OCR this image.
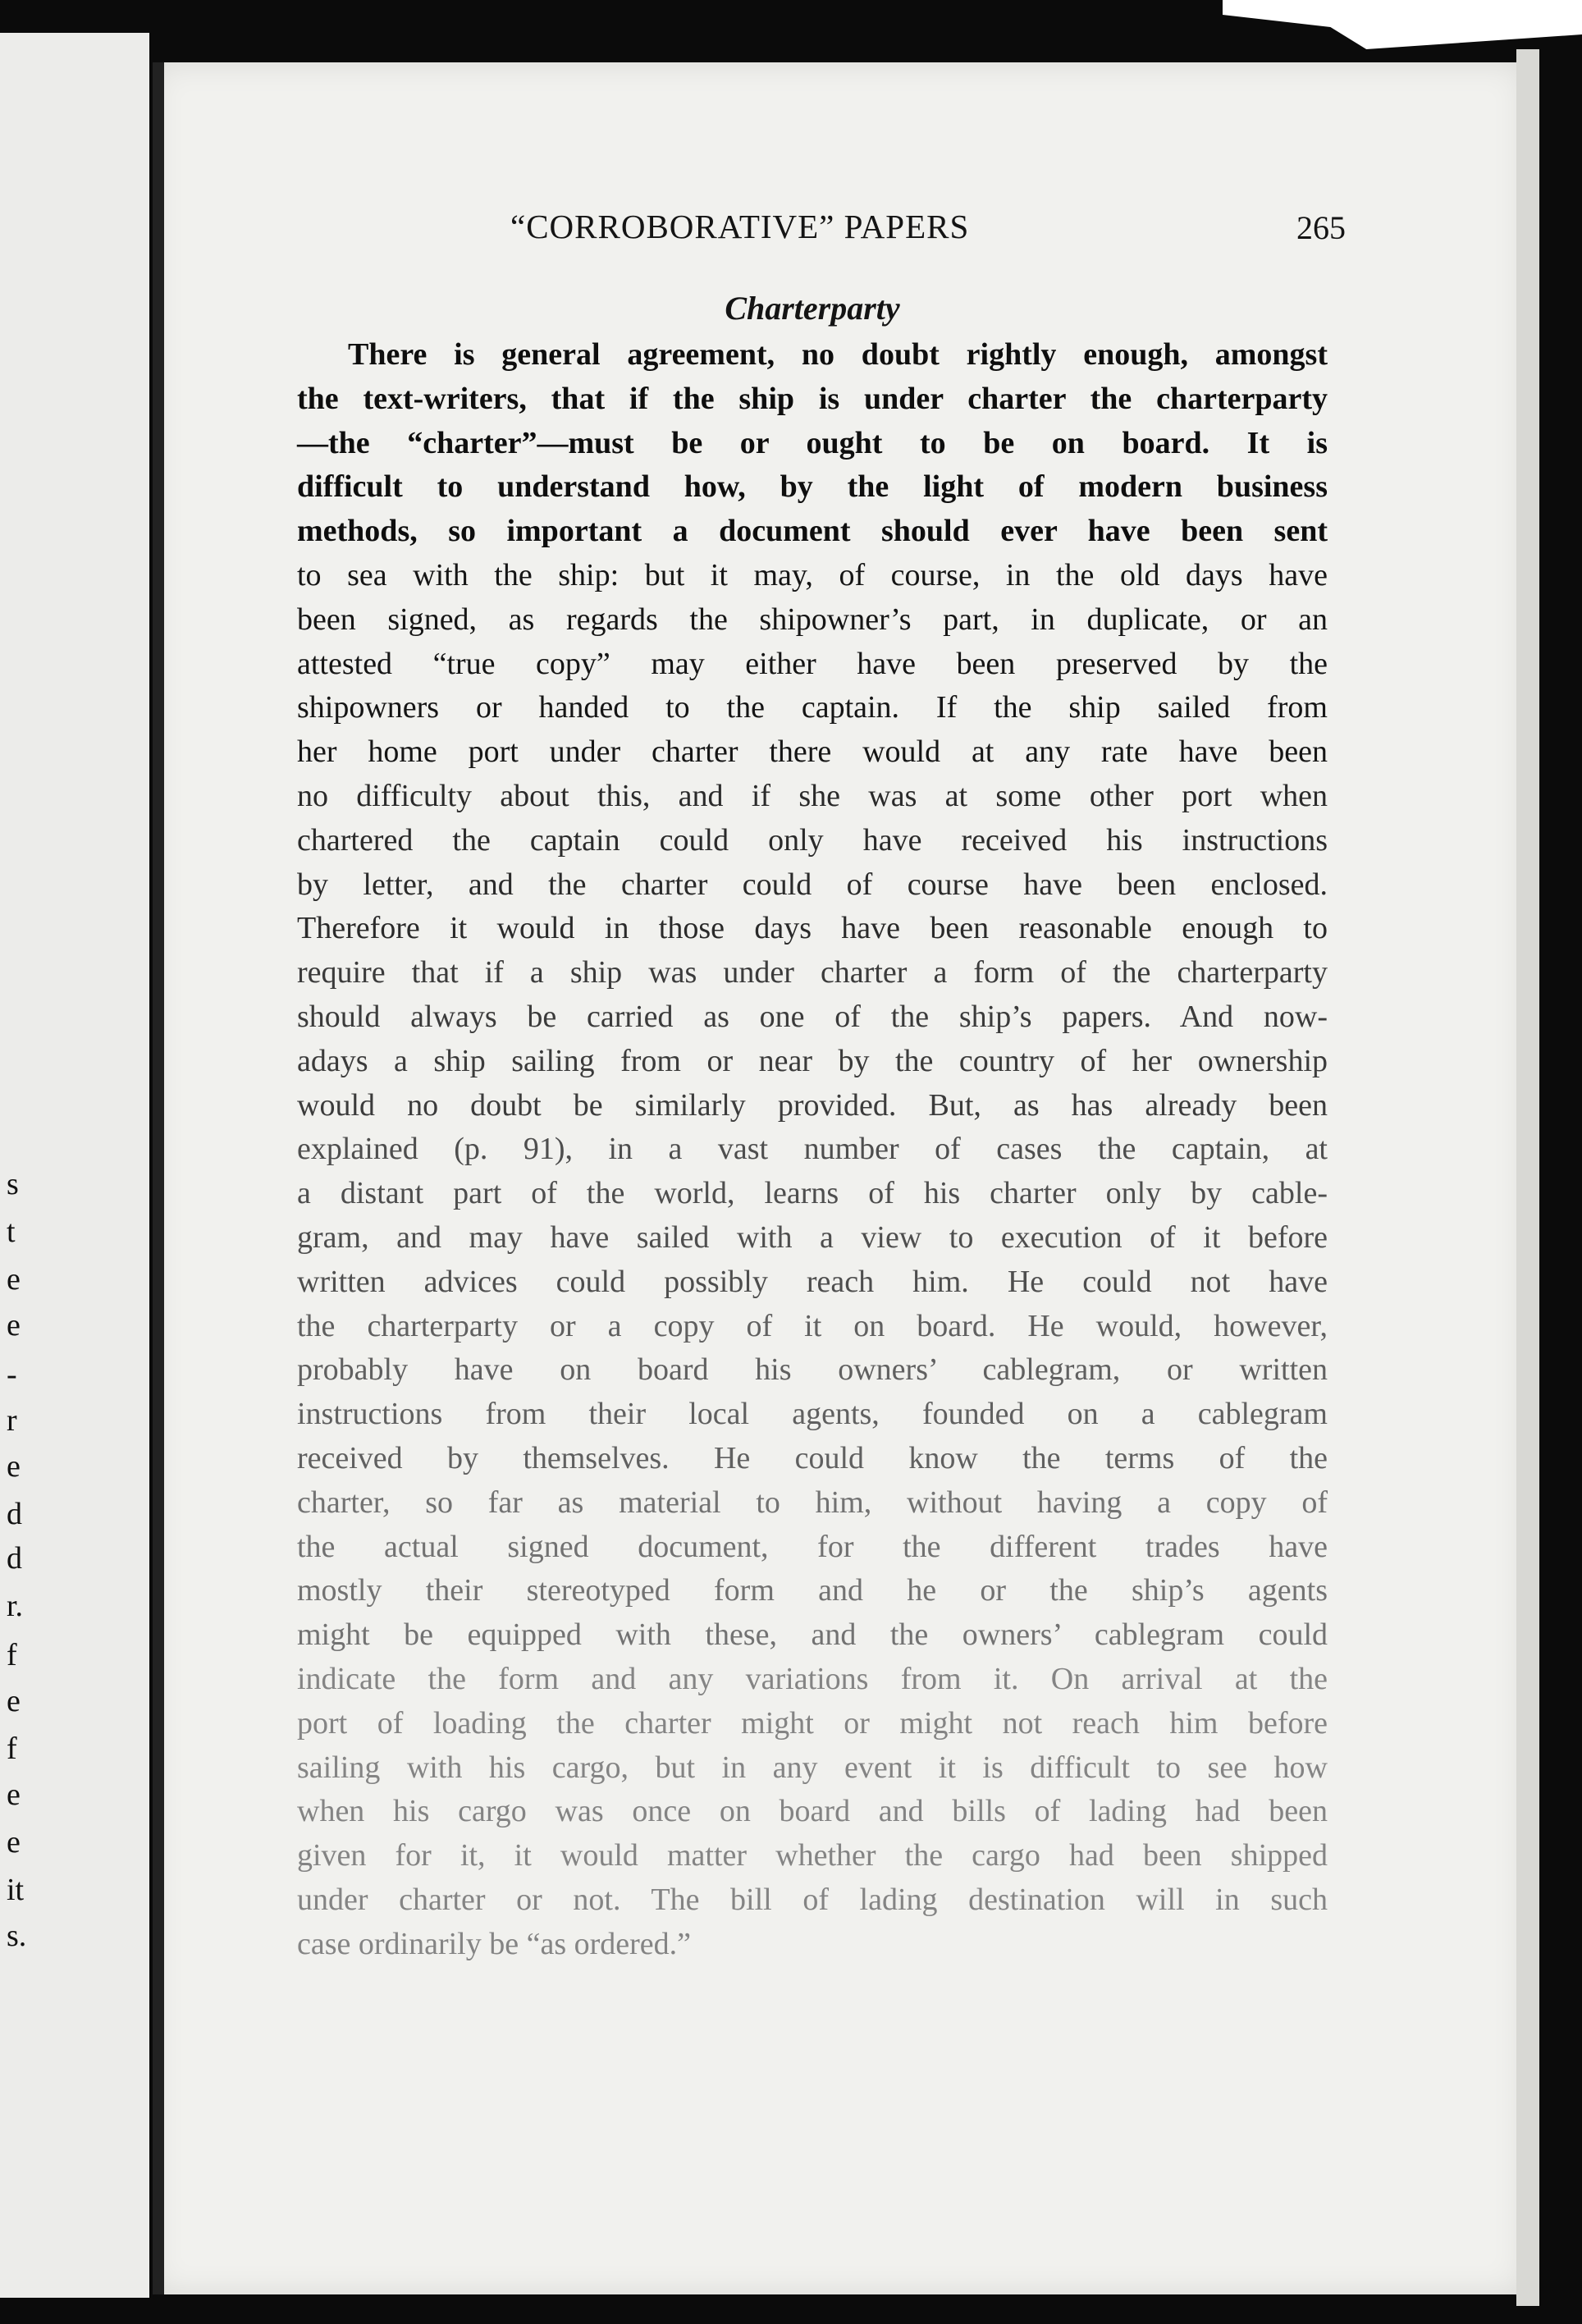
s
t
e
e
-
r
e
d
d
r.
f
e
f
e
e
it
s.
“CORROBORATIVE” PAPERS	265
Charterparty
There is general agreement, no doubt rightly enough, amongst
the text-writers, that if the ship is under charter the charterparty
—the “charter”—must be or ought to be on board. It is
difficult to understand how, by the light of modern business
methods, so important a document should ever have been sent
to sea with the ship: but it may, of course, in the old days have
been signed, as regards the shipowner’s part, in duplicate, or an
attested “true copy” may either have been preserved by the
shipowners or handed to the captain. If the ship sailed from
her home port under charter there would at any rate have been
no difficulty about this, and if she was at some other port when
chartered the captain could only have received his instructions
by letter, and the charter could of course have been enclosed.
Therefore it would in those days have been reasonable enough to
require that if a ship was under charter a form of the charterparty
should always be carried as one of the ship’s papers. And now-
adays a ship sailing from or near by the country of her ownership
would no doubt be similarly provided. But, as has already been
explained (p. 91), in a vast number of cases the captain, at
a distant part of the world, learns of his charter only by cable-
gram, and may have sailed with a view to execution of it before
written advices could possibly reach him. He could not have
the charterparty or a copy of it on board. He would, however,
probably have on board his owners’ cablegram, or written
instructions from their local agents, founded on a cablegram
received by themselves. He could know the terms of the
charter, so far as material to him, without having a copy of
the actual signed document, for the different trades have
mostly their stereotyped form and he or the ship’s agents
might be equipped with these, and the owners’ cablegram could
indicate the form and any variations from it. On arrival at the
port of loading the charter might or might not reach him before
sailing with his cargo, but in any event it is difficult to see how
when his cargo was once on board and bills of lading had been
given for it, it would matter whether the cargo had been shipped
under charter or not. The bill of lading destination will in such
case ordinarily be “as ordered.”
